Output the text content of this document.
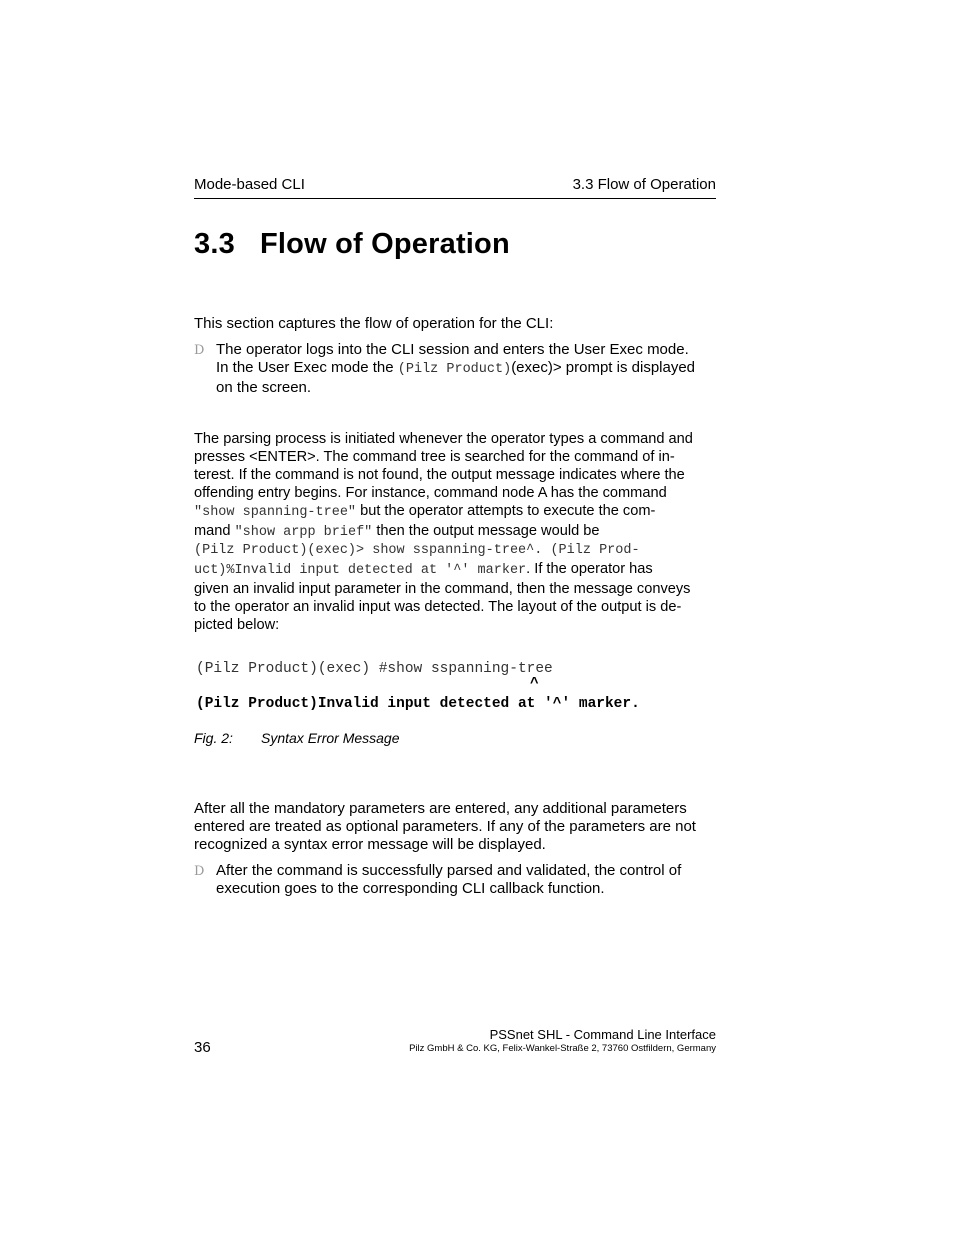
Mode-based CLI	3.3 Flow of Operation
3.3 Flow of Operation
This section captures the flow of operation for the CLI:
D The operator logs into the CLI session and enters the User Exec mode.
In the User Exec mode the (Pilz Product)(exec)> prompt is displayed
on the screen.
The parsing process is initiated whenever the operator types a command and
presses <ENTER>. The command tree is searched for the command of in-
terest. If the command is not found, the output message indicates where the
offending entry begins. For instance, command node A has the command
"show spanning-tree" but the operator attempts to execute the com-
mand "show arpp brief" then the output message would be
(Pilz Product)(exec)> show sspanning-tree^. (Pilz Prod-
uct)%Invalid input detected at '^' marker. If the operator has
given an invalid input parameter in the command, then the message conveys
to the operator an invalid input was detected. The layout of the output is de-
picted below:
(Pilz Product)(exec) #show sspanning-tree
^
(Pilz Product)Invalid input detected at '^' marker.
Fig. 2: Syntax Error Message
After all the mandatory parameters are entered, any additional parameters
entered are treated as optional parameters. If any of the parameters are not
recognized a syntax error message will be displayed.
D After the command is successfully parsed and validated, the control of
execution goes to the corresponding CLI callback function.
36
PSSnet SHL - Command Line Interface
Pilz GmbH & Co. KG, Felix-Wankel-Straße 2, 73760 Ostfildern, Germany
